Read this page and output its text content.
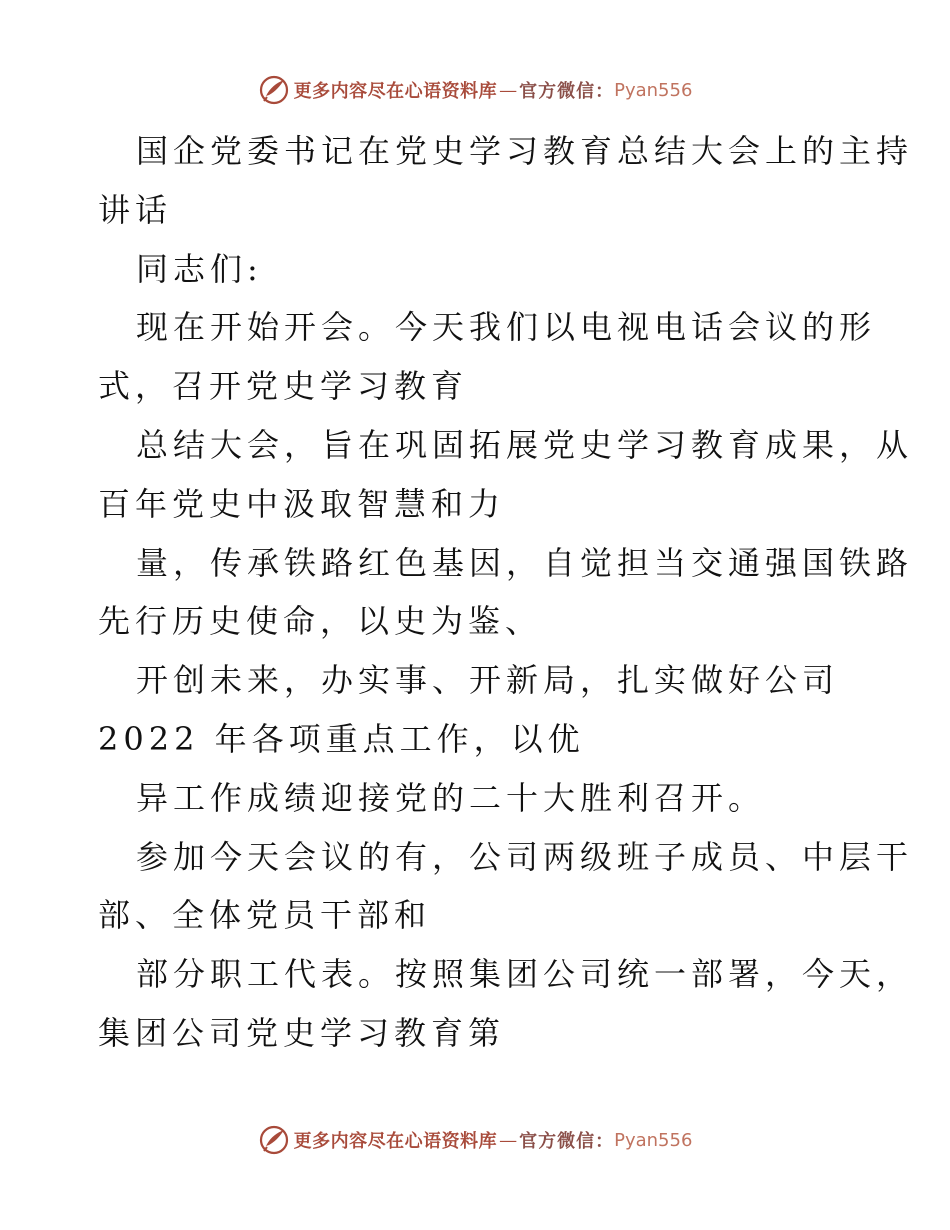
更多内容尽在心语资料库 — 官方微信： Pyan556
国企党委书记在党史学习教育总结大会上的主持
讲话
同志们:
现在开始开会。今天我们以电视电话会议的形
式，召开党史学习教育
总结大会，旨在巩固拓展党史学习教育成果，从
百年党史中汲取智慧和力
量，传承铁路红色基因，自觉担当交通强国铁路
先行历史使命，以史为鉴、
开创未来，办实事、开新局，扎实做好公司
2022 年各项重点工作，以优
异工作成绩迎接党的二十大胜利召开。
参加今天会议的有，公司两级班子成员、中层干
部、全体党员干部和
部分职工代表。按照集团公司统一部署，今天，
集团公司党史学习教育第
更多内容尽在心语资料库 — 官方微信： Pyan556
